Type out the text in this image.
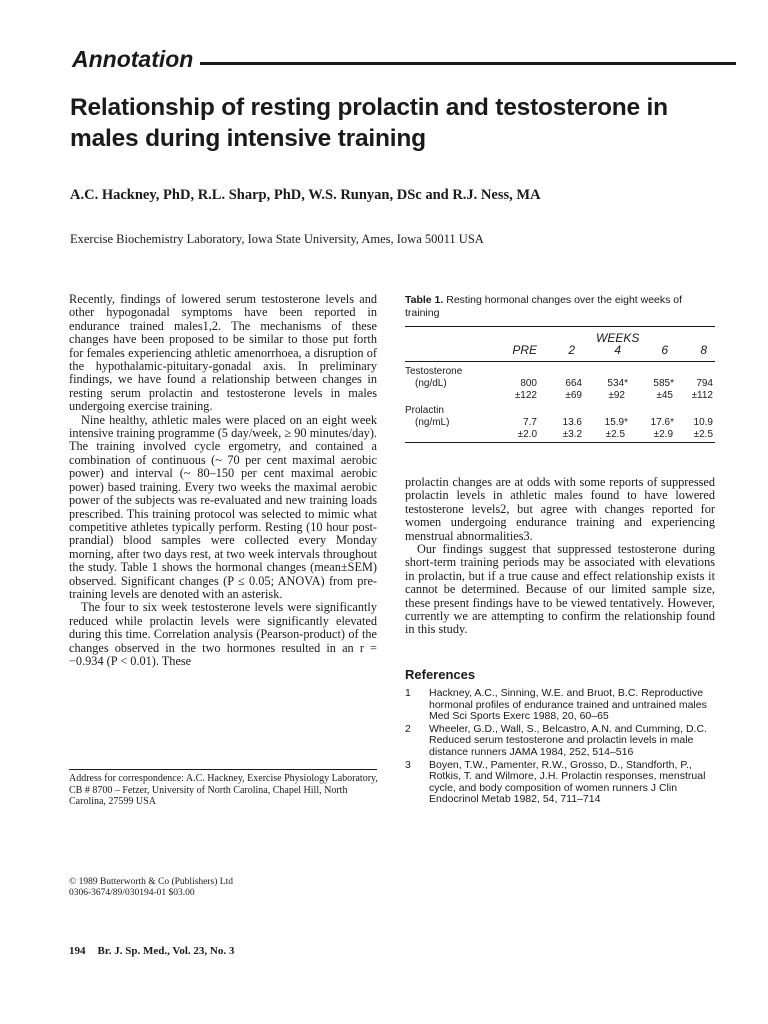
Annotation
Relationship of resting prolactin and testosterone in males during intensive training
A.C. Hackney, PhD, R.L. Sharp, PhD, W.S. Runyan, DSc and R.J. Ness, MA
Exercise Biochemistry Laboratory, Iowa State University, Ames, Iowa 50011 USA

Recently, findings of lowered serum testosterone levels and other hypogonadal symptoms have been reported in endurance trained males1,2. The mechanisms of these changes have been proposed to be similar to those put forth for females experiencing athletic amenorrhoea, a disruption of the hypothalamic-pituitary-gonadal axis. In preliminary findings, we have found a relationship between changes in resting serum prolactin and testosterone levels in males undergoing exercise training.

Nine healthy, athletic males were placed on an eight week intensive training programme (5 day/week, ≥ 90 minutes/day). The training involved cycle ergometry, and contained a combination of continuous (~ 70 per cent maximal aerobic power) and interval (~ 80–150 per cent maximal aerobic power) based training. Every two weeks the maximal aerobic power of the subjects was re-evaluated and new training loads prescribed. This training protocol was selected to mimic what competitive athletes typically perform. Resting (10 hour post-prandial) blood samples were collected every Monday morning, after two days rest, at two week intervals throughout the study. Table 1 shows the hormonal changes (mean±SEM) observed. Significant changes (P ≤ 0.05; ANOVA) from pre-training levels are denoted with an asterisk.

The four to six week testosterone levels were significantly reduced while prolactin levels were significantly elevated during this time. Correlation analysis (Pearson-product) of the changes observed in the two hormones resulted in an r = −0.934 (P < 0.01). These

Table 1. Resting hormonal changes over the eight weeks of training
WEEKS
PRE	2	4	6	8
Testosterone
(ng/dL)	800	664	534*	585*	794
±122	±69	±92	±45	±112
Prolactin
(ng/mL)	7.7	13.6	15.9*	17.6*	10.9
±2.0	±3.2	±2.5	±2.9	±2.5

prolactin changes are at odds with some reports of suppressed prolactin levels in athletic males found to have lowered testosterone levels2, but agree with changes reported for women undergoing endurance training and experiencing menstrual abnormalities3.

Our findings suggest that suppressed testosterone during short-term training periods may be associated with elevations in prolactin, but if a true cause and effect relationship exists it cannot be determined. Because of our limited sample size, these present findings have to be viewed tentatively. However, currently we are attempting to confirm the relationship found in this study.

References
1 Hackney, A.C., Sinning, W.E. and Bruot, B.C. Reproductive hormonal profiles of endurance trained and untrained males Med Sci Sports Exerc 1988, 20, 60–65
2 Wheeler, G.D., Wall, S., Belcastro, A.N. and Cumming, D.C. Reduced serum testosterone and prolactin levels in male distance runners JAMA 1984, 252, 514–516
3 Boyen, T.W., Pamenter, R.W., Grosso, D., Standforth, P., Rotkis, T. and Wilmore, J.H. Prolactin responses, menstrual cycle, and body composition of women runners J Clin Endocrinol Metab 1982, 54, 711–714
Address for correspondence: A.C. Hackney, Exercise Physiology Laboratory, CB # 8700 – Fetzer, University of North Carolina, Chapel Hill, North Carolina, 27599 USA
© 1989 Butterworth & Co (Publishers) Ltd
0306-3674/89/030194-01 $03.00
194 Br. J. Sp. Med., Vol. 23, No. 3
